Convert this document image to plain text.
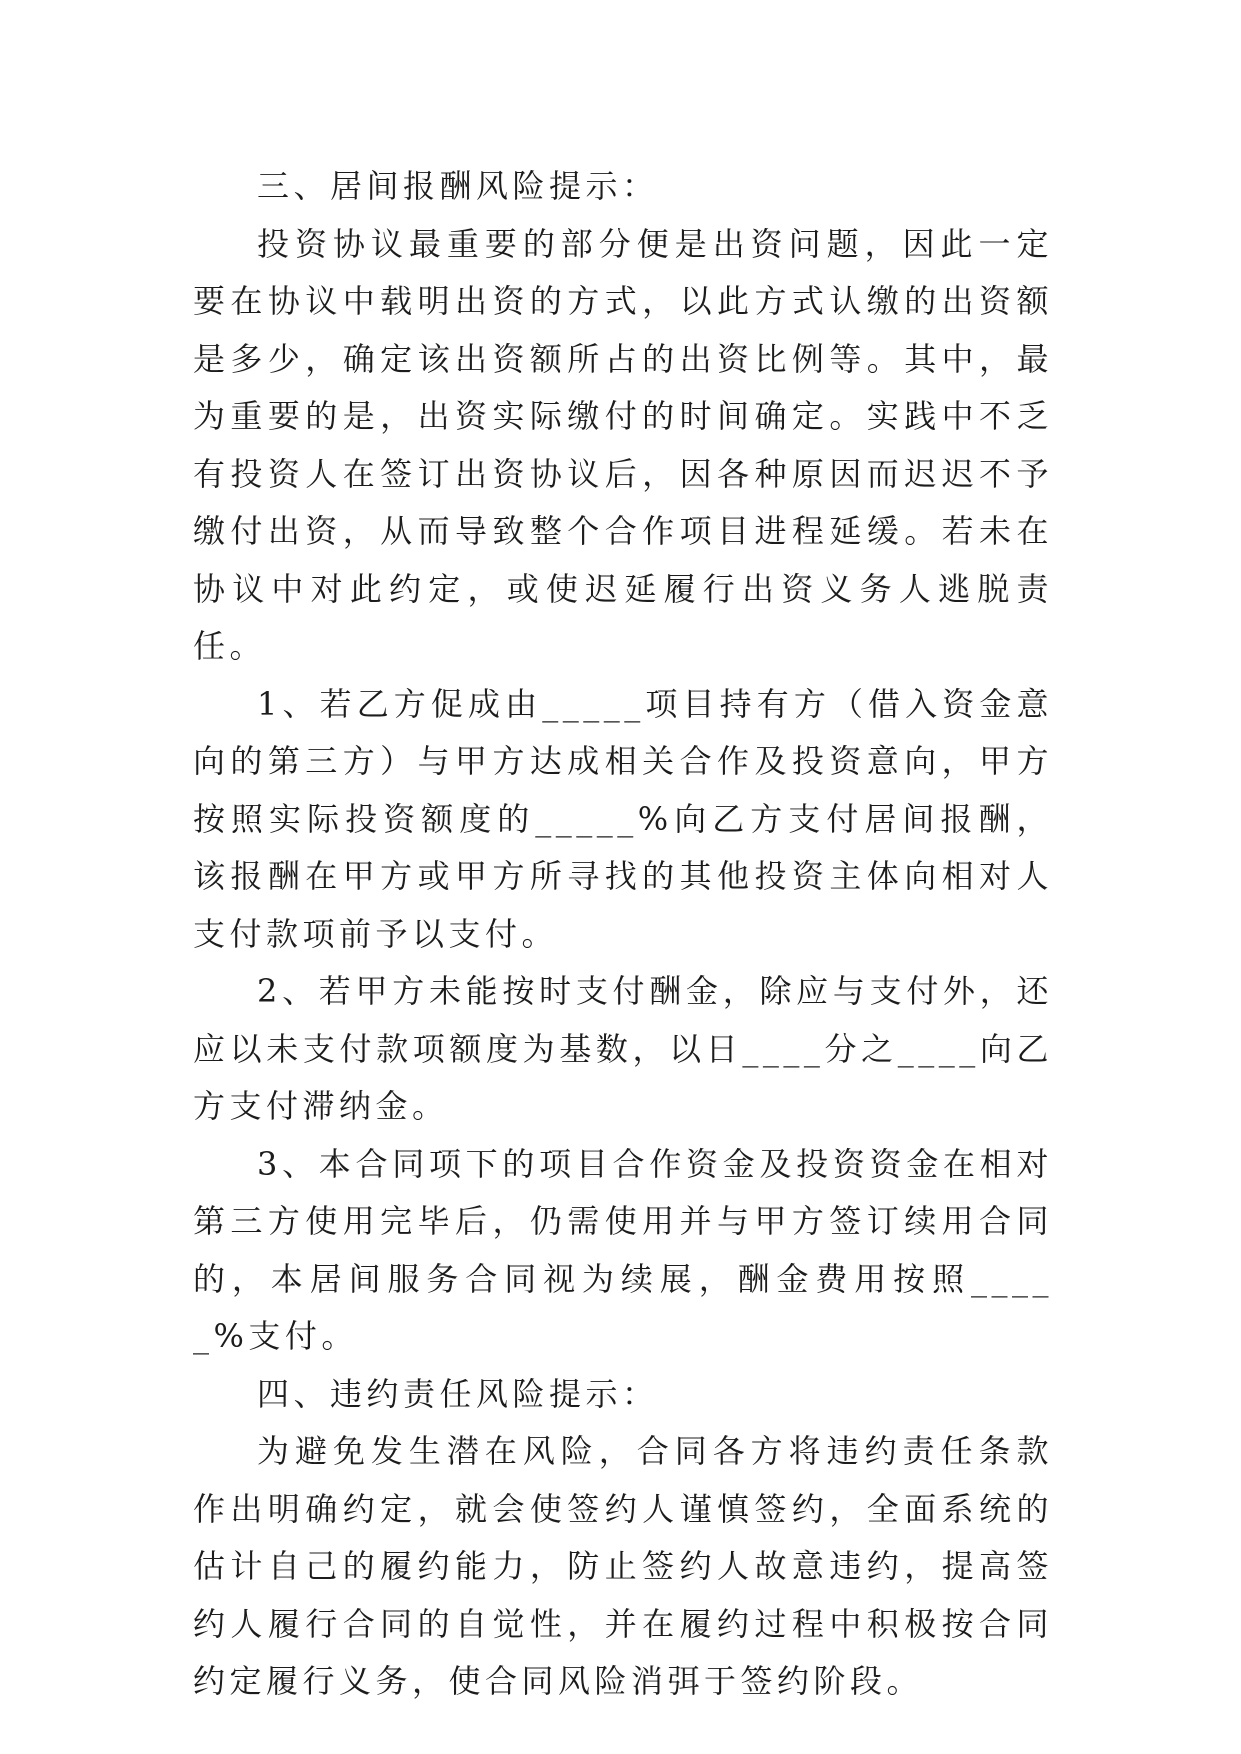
三、居间报酬风险提示：

投资协议最重要的部分便是出资问题，因此一定要在协议中载明出资的方式，以此方式认缴的出资额是多少，确定该出资额所占的出资比例等。其中，最为重要的是，出资实际缴付的时间确定。实践中不乏有投资人在签订出资协议后，因各种原因而迟迟不予缴付出资，从而导致整个合作项目进程延缓。若未在协议中对此约定，或使迟延履行出资义务人逃脱责任。

1、若乙方促成由_____项目持有方（借入资金意向的第三方）与甲方达成相关合作及投资意向，甲方按照实际投资额度的_____%向乙方支付居间报酬，该报酬在甲方或甲方所寻找的其他投资主体向相对人支付款项前予以支付。

2、若甲方未能按时支付酬金，除应与支付外，还应以未支付款项额度为基数，以日____分之____向乙方支付滞纳金。

3、本合同项下的项目合作资金及投资资金在相对第三方使用完毕后，仍需使用并与甲方签订续用合同的，本居间服务合同视为续展，酬金费用按照_____%支付。

四、违约责任风险提示：

为避免发生潜在风险，合同各方将违约责任条款作出明确约定，就会使签约人谨慎签约，全面系统的估计自己的履约能力，防止签约人故意违约，提高签约人履行合同的自觉性，并在履约过程中积极按合同约定履行义务，使合同风险消弭于签约阶段。
